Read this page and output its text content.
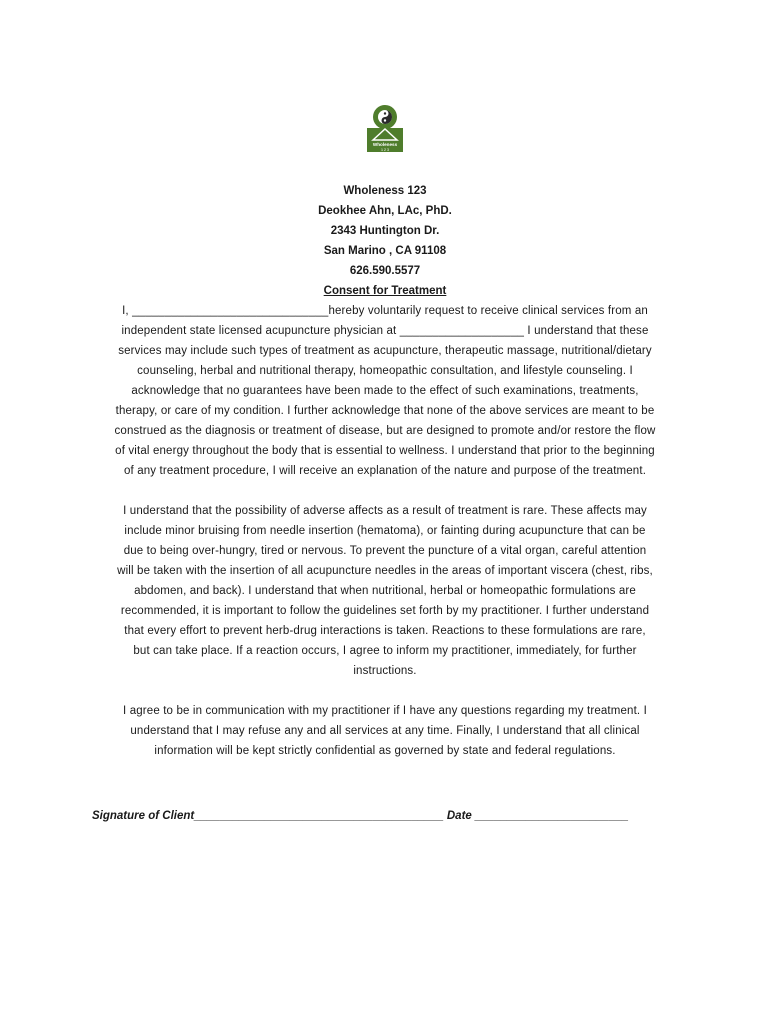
Wholeness
1 2 3
Wholeness 123
Deokhee Ahn, LAc, PhD.
2343 Huntington Dr.
San Marino , CA 91108
626.590.5577
Consent for Treatment
I, ______________________________hereby voluntarily request to receive clinical services from an
independent state licensed acupuncture physician at ___________________ I understand that these
services may include such types of treatment as acupuncture, therapeutic massage, nutritional/dietary
counseling, herbal and nutritional therapy, homeopathic consultation, and lifestyle counseling. I
acknowledge that no guarantees have been made to the effect of such examinations, treatments,
therapy, or care of my condition. I further acknowledge that none of the above services are meant to be
construed as the diagnosis or treatment of disease, but are designed to promote and/or restore the flow
of vital energy throughout the body that is essential to wellness. I understand that prior to the beginning
of any treatment procedure, I will receive an explanation of the nature and purpose of the treatment.
I understand that the possibility of adverse affects as a result of treatment is rare. These affects may
include minor bruising from needle insertion (hematoma), or fainting during acupuncture that can be
due to being over-hungry, tired or nervous. To prevent the puncture of a vital organ, careful attention
will be taken with the insertion of all acupuncture needles in the areas of important viscera (chest, ribs,
abdomen, and back). I understand that when nutritional, herbal or homeopathic formulations are
recommended, it is important to follow the guidelines set forth by my practitioner. I further understand
that every effort to prevent herb-drug interactions is taken. Reactions to these formulations are rare,
but can take place. If a reaction occurs, I agree to inform my practitioner, immediately, for further
instructions.
I agree to be in communication with my practitioner if I have any questions regarding my treatment. I
understand that I may refuse any and all services at any time. Finally, I understand that all clinical
information will be kept strictly confidential as governed by state and federal regulations.
Signature of Client_______________________________________ Date ________________________
